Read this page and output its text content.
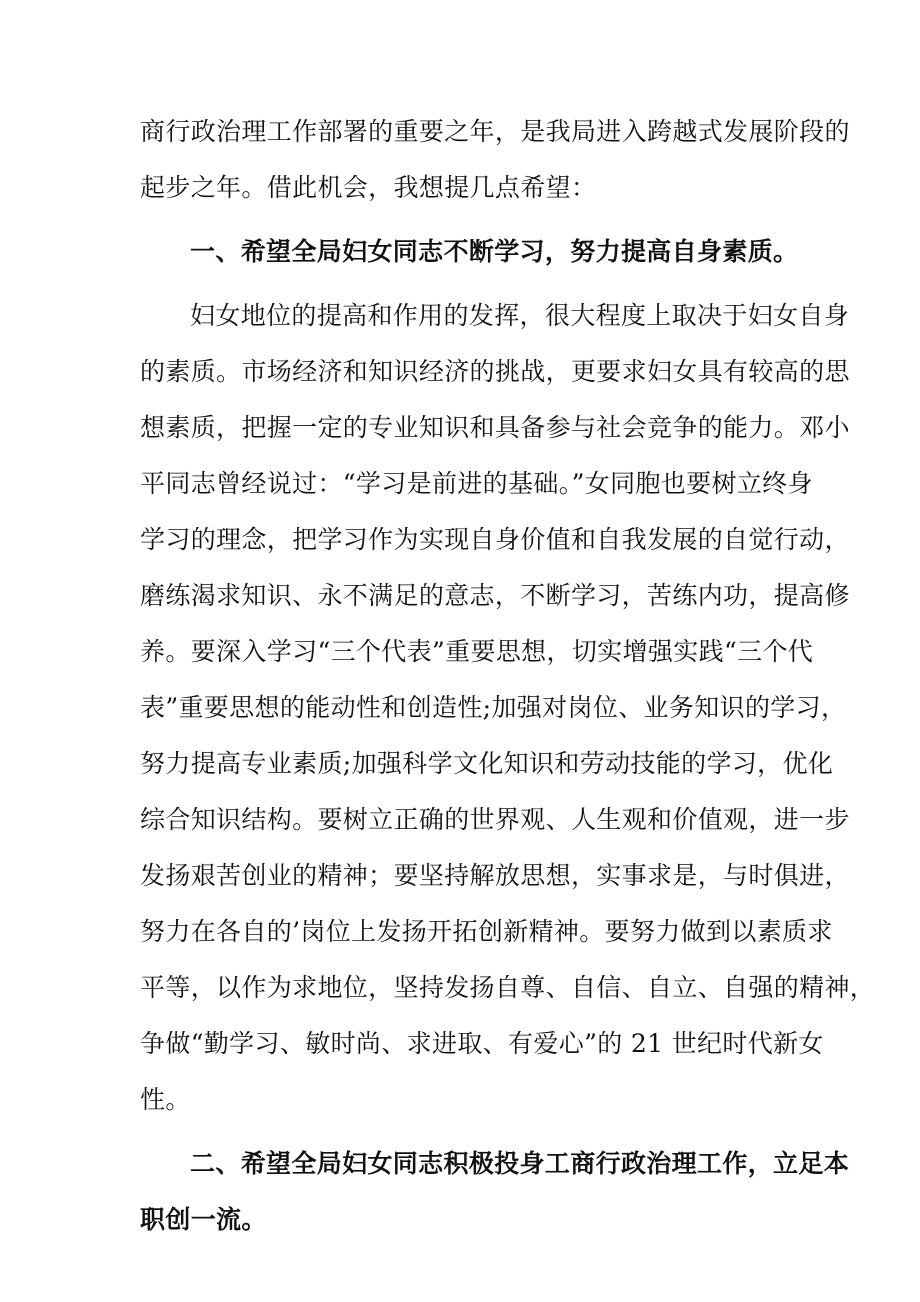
商行政治理工作部署的重要之年，是我局进入跨越式发展阶段的
起步之年。借此机会，我想提几点希望：
一、希望全局妇女同志不断学习，努力提高自身素质。
妇女地位的提高和作用的发挥，很大程度上取决于妇女自身
的素质。市场经济和知识经济的挑战，更要求妇女具有较高的思
想素质，把握一定的专业知识和具备参与社会竞争的能力。邓小
平同志曾经说过：“学习是前进的基础。”女同胞也要树立终身
学习的理念，把学习作为实现自身价值和自我发展的自觉行动，
磨练渴求知识、永不满足的意志，不断学习，苦练内功，提高修
养。要深入学习“三个代表”重要思想，切实增强实践“三个代
表”重要思想的能动性和创造性;加强对岗位、业务知识的学习，
努力提高专业素质;加强科学文化知识和劳动技能的学习，优化
综合知识结构。要树立正确的世界观、人生观和价值观，进一步
发扬艰苦创业的精神；要坚持解放思想，实事求是，与时俱进，
努力在各自的’岗位上发扬开拓创新精神。要努力做到以素质求
平等，以作为求地位，坚持发扬自尊、自信、自立、自强的精神，
争做“勤学习、敏时尚、求进取、有爱心”的 21 世纪时代新女
性。
二、希望全局妇女同志积极投身工商行政治理工作，立足本
职创一流。
